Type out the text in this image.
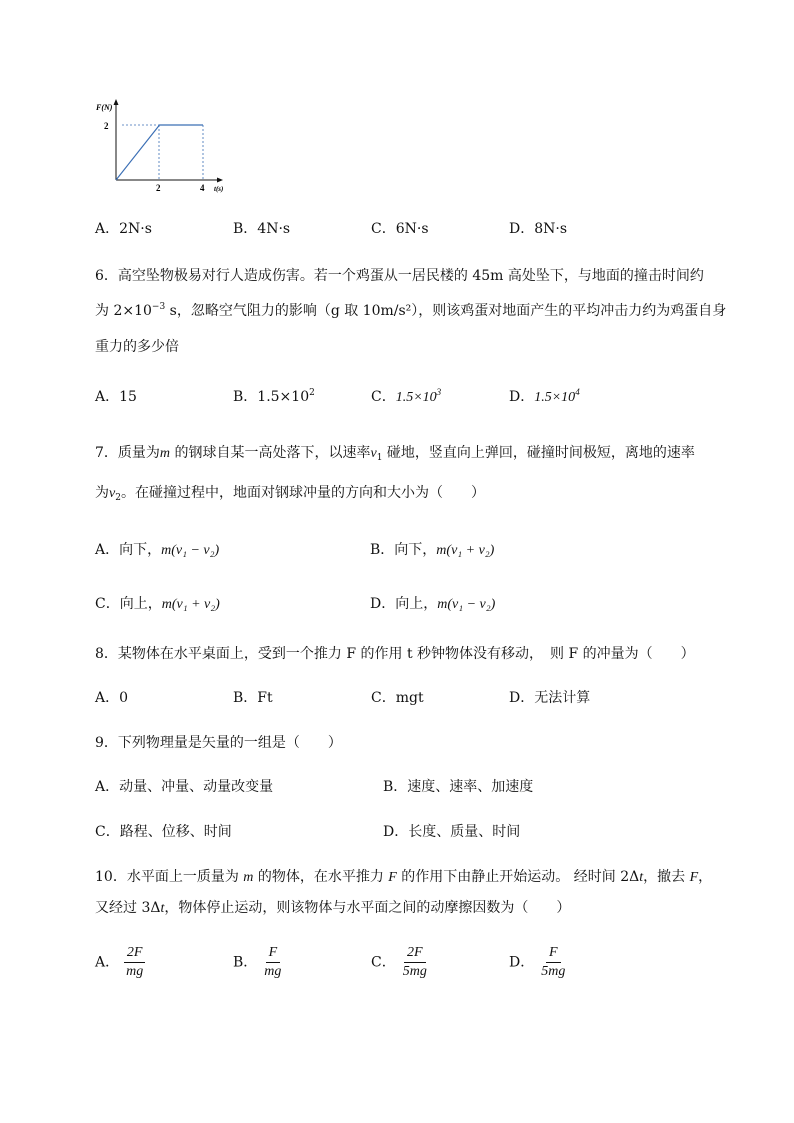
F(N)
2
2	4 t(s)
A．2N·s	B．4N·s	C．6N·s	D．8N·s
6．高空坠物极易对行人造成伤害。若一个鸡蛋从一居民楼的 45m 高处坠下，与地面的撞击时间约
为 $2\times 10^{-3}$ s，忽略空气阻力的影响（g 取 10m/s²），则该鸡蛋对地面产生的平均冲击力约为鸡蛋自身
重力的多少倍
A．15	B．$1.5\times 10^2$	C．$1.5\times 10^3$	D．$1.5\times 10^4$
7．质量为m 的钢球自某一高处落下，以速率$v_1$ 碰地，竖直向上弹回，碰撞时间极短，离地的速率
为$v_2$。在碰撞过程中，地面对钢球冲量的方向和大小为（　　）
A．向下，m(v₁ − v₂)	B．向下，m(v₁ + v₂)
C．向上，m(v₁ + v₂)	D．向上，m(v₁ − v₂)
8．某物体在水平桌面上，受到一个推力 F 的作用 t 秒钟物体没有移动，　则 F 的冲量为（　　）
A．0	B．Ft	C．mgt	D．无法计算
9．下列物理量是矢量的一组是（　　）
A．动量、冲量、动量改变量	B．速度、速率、加速度
C．路程、位移、时间	D．长度、质量、时间
10．水平面上一质量为 m 的物体，在水平推力 F 的作用下由静止开始运动。 经时间 2Δt，撤去 F，
又经过 3Δt，物体停止运动，则该物体与水平面之间的动摩擦因数为（　　）
A． $\frac{2F}{mg}$	B． $\frac{F}{mg}$	C． $\frac{2F}{5mg}$	D． $\frac{F}{5mg}$
